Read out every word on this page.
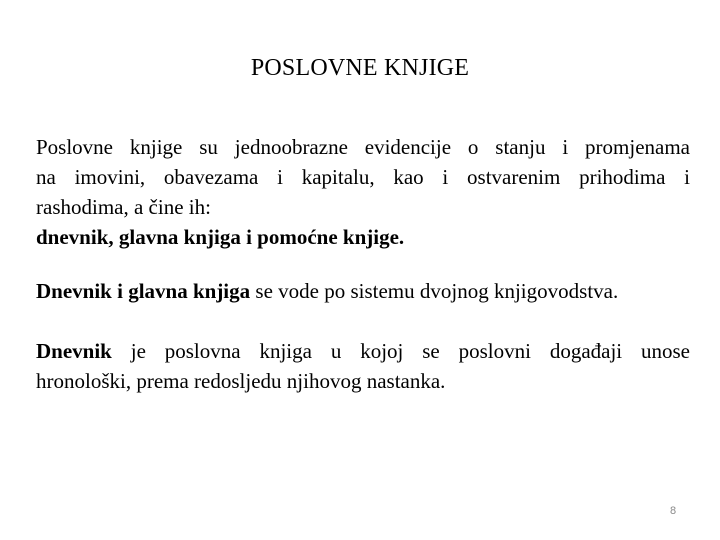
POSLOVNE KNJIGE
Poslovne knjige su jednoobrazne evidencije o stanju i promjenama
na imovini, obavezama i kapitalu, kao i ostvarenim prihodima i
rashodima, a čine ih:
dnevnik, glavna knjiga i pomoćne knjige.
Dnevnik i glavna knjiga se vode po sistemu dvojnog knjigovodstva.
Dnevnik je poslovna knjiga u kojoj se poslovni događaji unose
hronološki, prema redosljedu njihovog nastanka.
8
